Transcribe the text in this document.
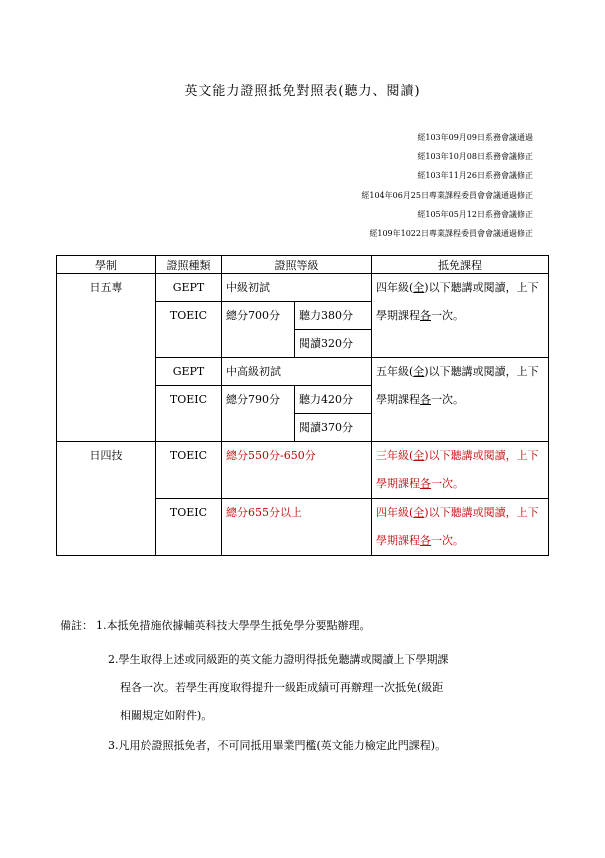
英文能力證照抵免對照表(聽力、閱讀)
經103年09月09日系務會議通過
經103年10月08日系務會議修正
經103年11月26日系務會議修正
經104年06月25日專業課程委員會會議通過修正
經105年05月12日系務會議修正
經109年1022日專業課程委員會會議通過修正
學制	證照種類	證照等級		抵免課程
日五專	GEPT	中級初試		四年級(全)以下聽講或閱讀，上下學期課程各一次。
	TOEIC	總分700分	聽力380分	
			閱讀320分	
	GEPT	中高級初試		五年級(全)以下聽講或閱讀，上下學期課程各一次。
	TOEIC	總分790分	聽力420分	
			閱讀370分	
日四技	TOEIC	總分550分-650分		三年級(全)以下聽講或閱讀，上下學期課程各一次。
	TOEIC	總分655分以上		四年級(全)以下聽講或閱讀，上下學期課程各一次。
備註： 1.本抵免措施依據輔英科技大學學生抵免學分要點辦理。
2.學生取得上述或同級距的英文能力證明得抵免聽講或閱讀上下學期課
程各一次。若學生再度取得提升一級距成績可再辦理一次抵免(級距
相關規定如附件)。
3.凡用於證照抵免者，不可同抵用畢業門檻(英文能力檢定此門課程)。
